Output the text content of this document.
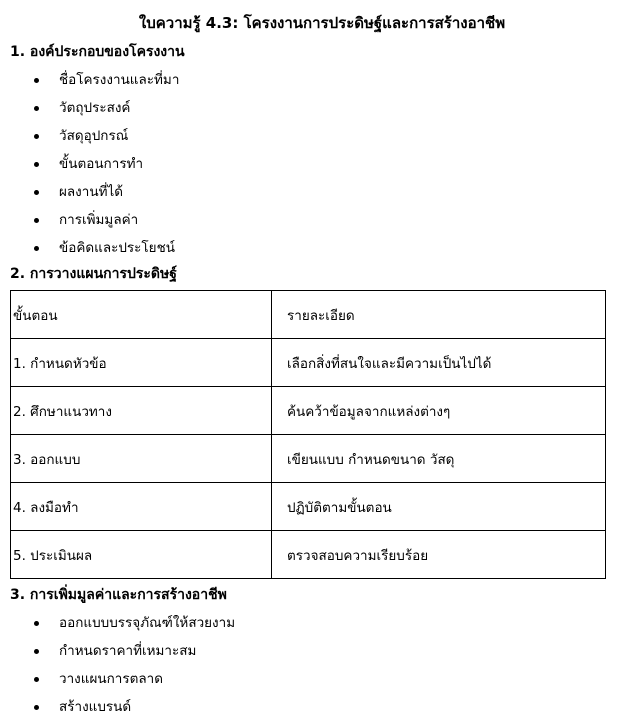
ใบความรู้ 4.3: โครงงานการประดิษฐ์และการสร้างอาชีพ
1. องค์ประกอบของโครงงาน
ชื่อโครงงานและที่มา
วัตถุประสงค์
วัสดุอุปกรณ์
ขั้นตอนการทำ
ผลงานที่ได้
การเพิ่มมูลค่า
ข้อคิดและประโยชน์
2. การวางแผนการประดิษฐ์
ขั้นตอน	รายละเอียด
1. กำหนดหัวข้อ	เลือกสิ่งที่สนใจและมีความเป็นไปได้
2. ศึกษาแนวทาง	ค้นคว้าข้อมูลจากแหล่งต่างๆ
3. ออกแบบ	เขียนแบบ กำหนดขนาด วัสดุ
4. ลงมือทำ	ปฏิบัติตามขั้นตอน
5. ประเมินผล	ตรวจสอบความเรียบร้อย
3. การเพิ่มมูลค่าและการสร้างอาชีพ
ออกแบบบรรจุภัณฑ์ให้สวยงาม
กำหนดราคาที่เหมาะสม
วางแผนการตลาด
สร้างแบรนด์
